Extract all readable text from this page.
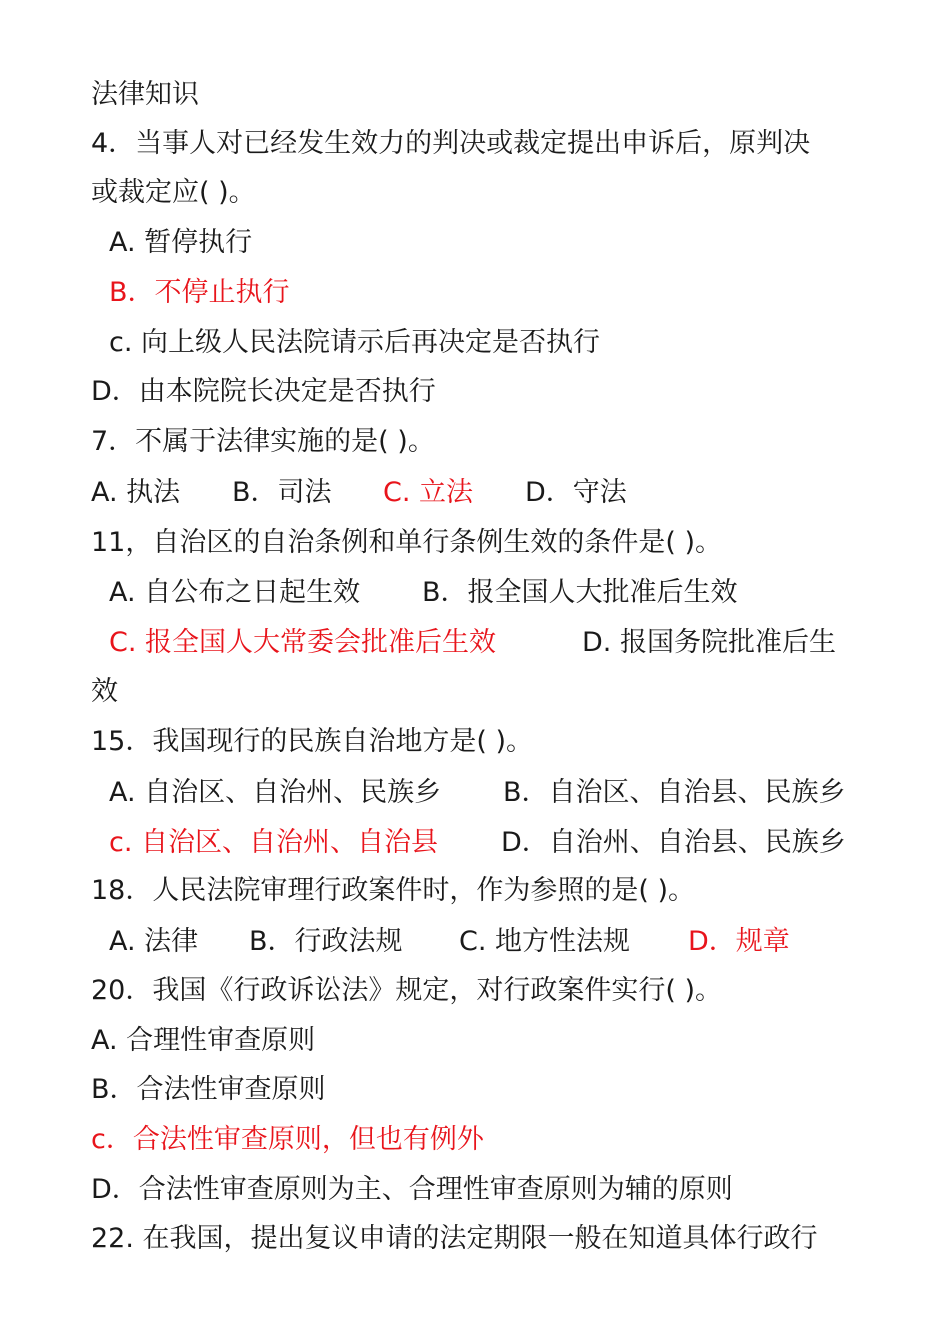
法律知识
4．当事人对已经发生效力的判决或裁定提出申诉后，原判决
或裁定应( )。
A. 暂停执行
B．不停止执行
c. 向上级人民法院请示后再决定是否执行
D．由本院院长决定是否执行
7．不属于法律实施的是( )。
A. 执法 B．司法 C. 立法 D．守法
11，自治区的自治条例和单行条例生效的条件是( )。
A. 自公布之日起生效 B．报全国人大批准后生效
C. 报全国人大常委会批准后生效	D. 报国务院批准后生
效
15．我国现行的民族自治地方是( )。
A. 自治区、自治州、民族乡 B．自治区、自治县、民族乡
c. 自治区、自治州、自治县 D．自治州、自治县、民族乡
18．人民法院审理行政案件时，作为参照的是( )。
A. 法律 B．行政法规 C. 地方性法规 D．规章
20．我国《行政诉讼法》规定，对行政案件实行( )。
A. 合理性审查原则
B．合法性审查原则
c．合法性审查原则，但也有例外
D．合法性审查原则为主、合理性审查原则为辅的原则
22. 在我国，提出复议申请的法定期限一般在知道具体行政行
